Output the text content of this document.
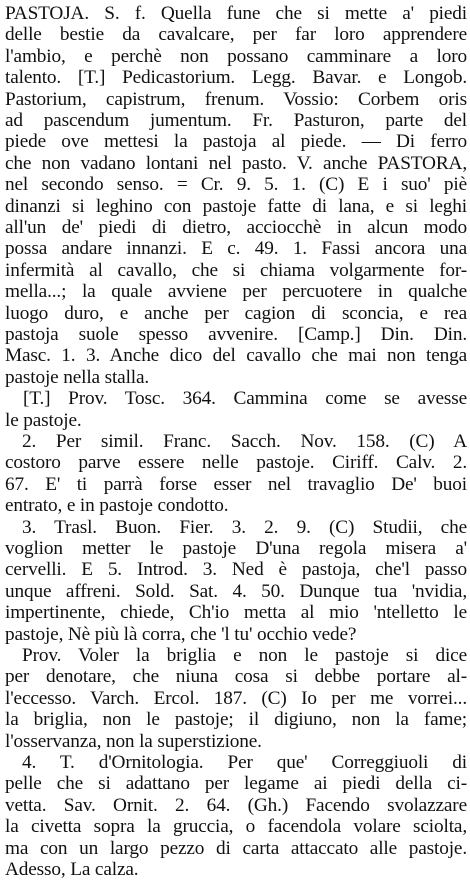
PASTOJA. S. f. Quella fune che si mette a' piedi
delle bestie da cavalcare, per far loro apprendere
l'ambio, e perchè non possano camminare a loro
talento. [T.] Pedicastorium. Legg. Bavar. e Longob.
Pastorium, capistrum, frenum. Vossio: Corbem oris
ad pascendum jumentum. Fr. Pasturon, parte del
piede ove mettesi la pastoja al piede. — Di ferro
che non vadano lontani nel pasto. V. anche PASTORA,
nel secondo senso. = Cr. 9. 5. 1. (C) E i suo' piè
dinanzi si leghino con pastoje fatte di lana, e si leghi
all'un de' piedi di dietro, acciocchè in alcun modo
possa andare innanzi. E c. 49. 1. Fassi ancora una
infermità al cavallo, che si chiama volgarmente for-
mella...; la quale avviene per percuotere in qualche
luogo duro, e anche per cagion di sconcia, e rea
pastoja suole spesso avvenire. [Camp.] Din. Din.
Masc. 1. 3. Anche dico del cavallo che mai non tenga
pastoje nella stalla.
[T.] Prov. Tosc. 364. Cammina come se avesse
le pastoje.
2. Per simil. Franc. Sacch. Nov. 158. (C) A
costoro parve essere nelle pastoje. Ciriff. Calv. 2.
67. E' ti parrà forse esser nel travaglio De' buoi
entrato, e in pastoje condotto.
3. Trasl. Buon. Fier. 3. 2. 9. (C) Studii, che
voglion metter le pastoje D'una regola misera a'
cervelli. E 5. Introd. 3. Ned è pastoja, che'l passo
unque affreni. Sold. Sat. 4. 50. Dunque tua 'nvidia,
impertinente, chiede, Ch'io metta al mio 'ntelletto le
pastoje, Nè più là corra, che 'l tu' occhio vede?
Prov. Voler la briglia e non le pastoje si dice
per denotare, che niuna cosa si debbe portare al-
l'eccesso. Varch. Ercol. 187. (C) Io per me vorrei...
la briglia, non le pastoje; il digiuno, non la fame;
l'osservanza, non la superstizione.
4. T. d'Ornitologia. Per que' Correggiuoli di
pelle che si adattano per legame ai piedi della ci-
vetta. Sav. Ornit. 2. 64. (Gh.) Facendo svolazzare
la civetta sopra la gruccia, o facendola volare sciolta,
ma con un largo pezzo di carta attaccato alle pastoje.
Adesso, La calza.
